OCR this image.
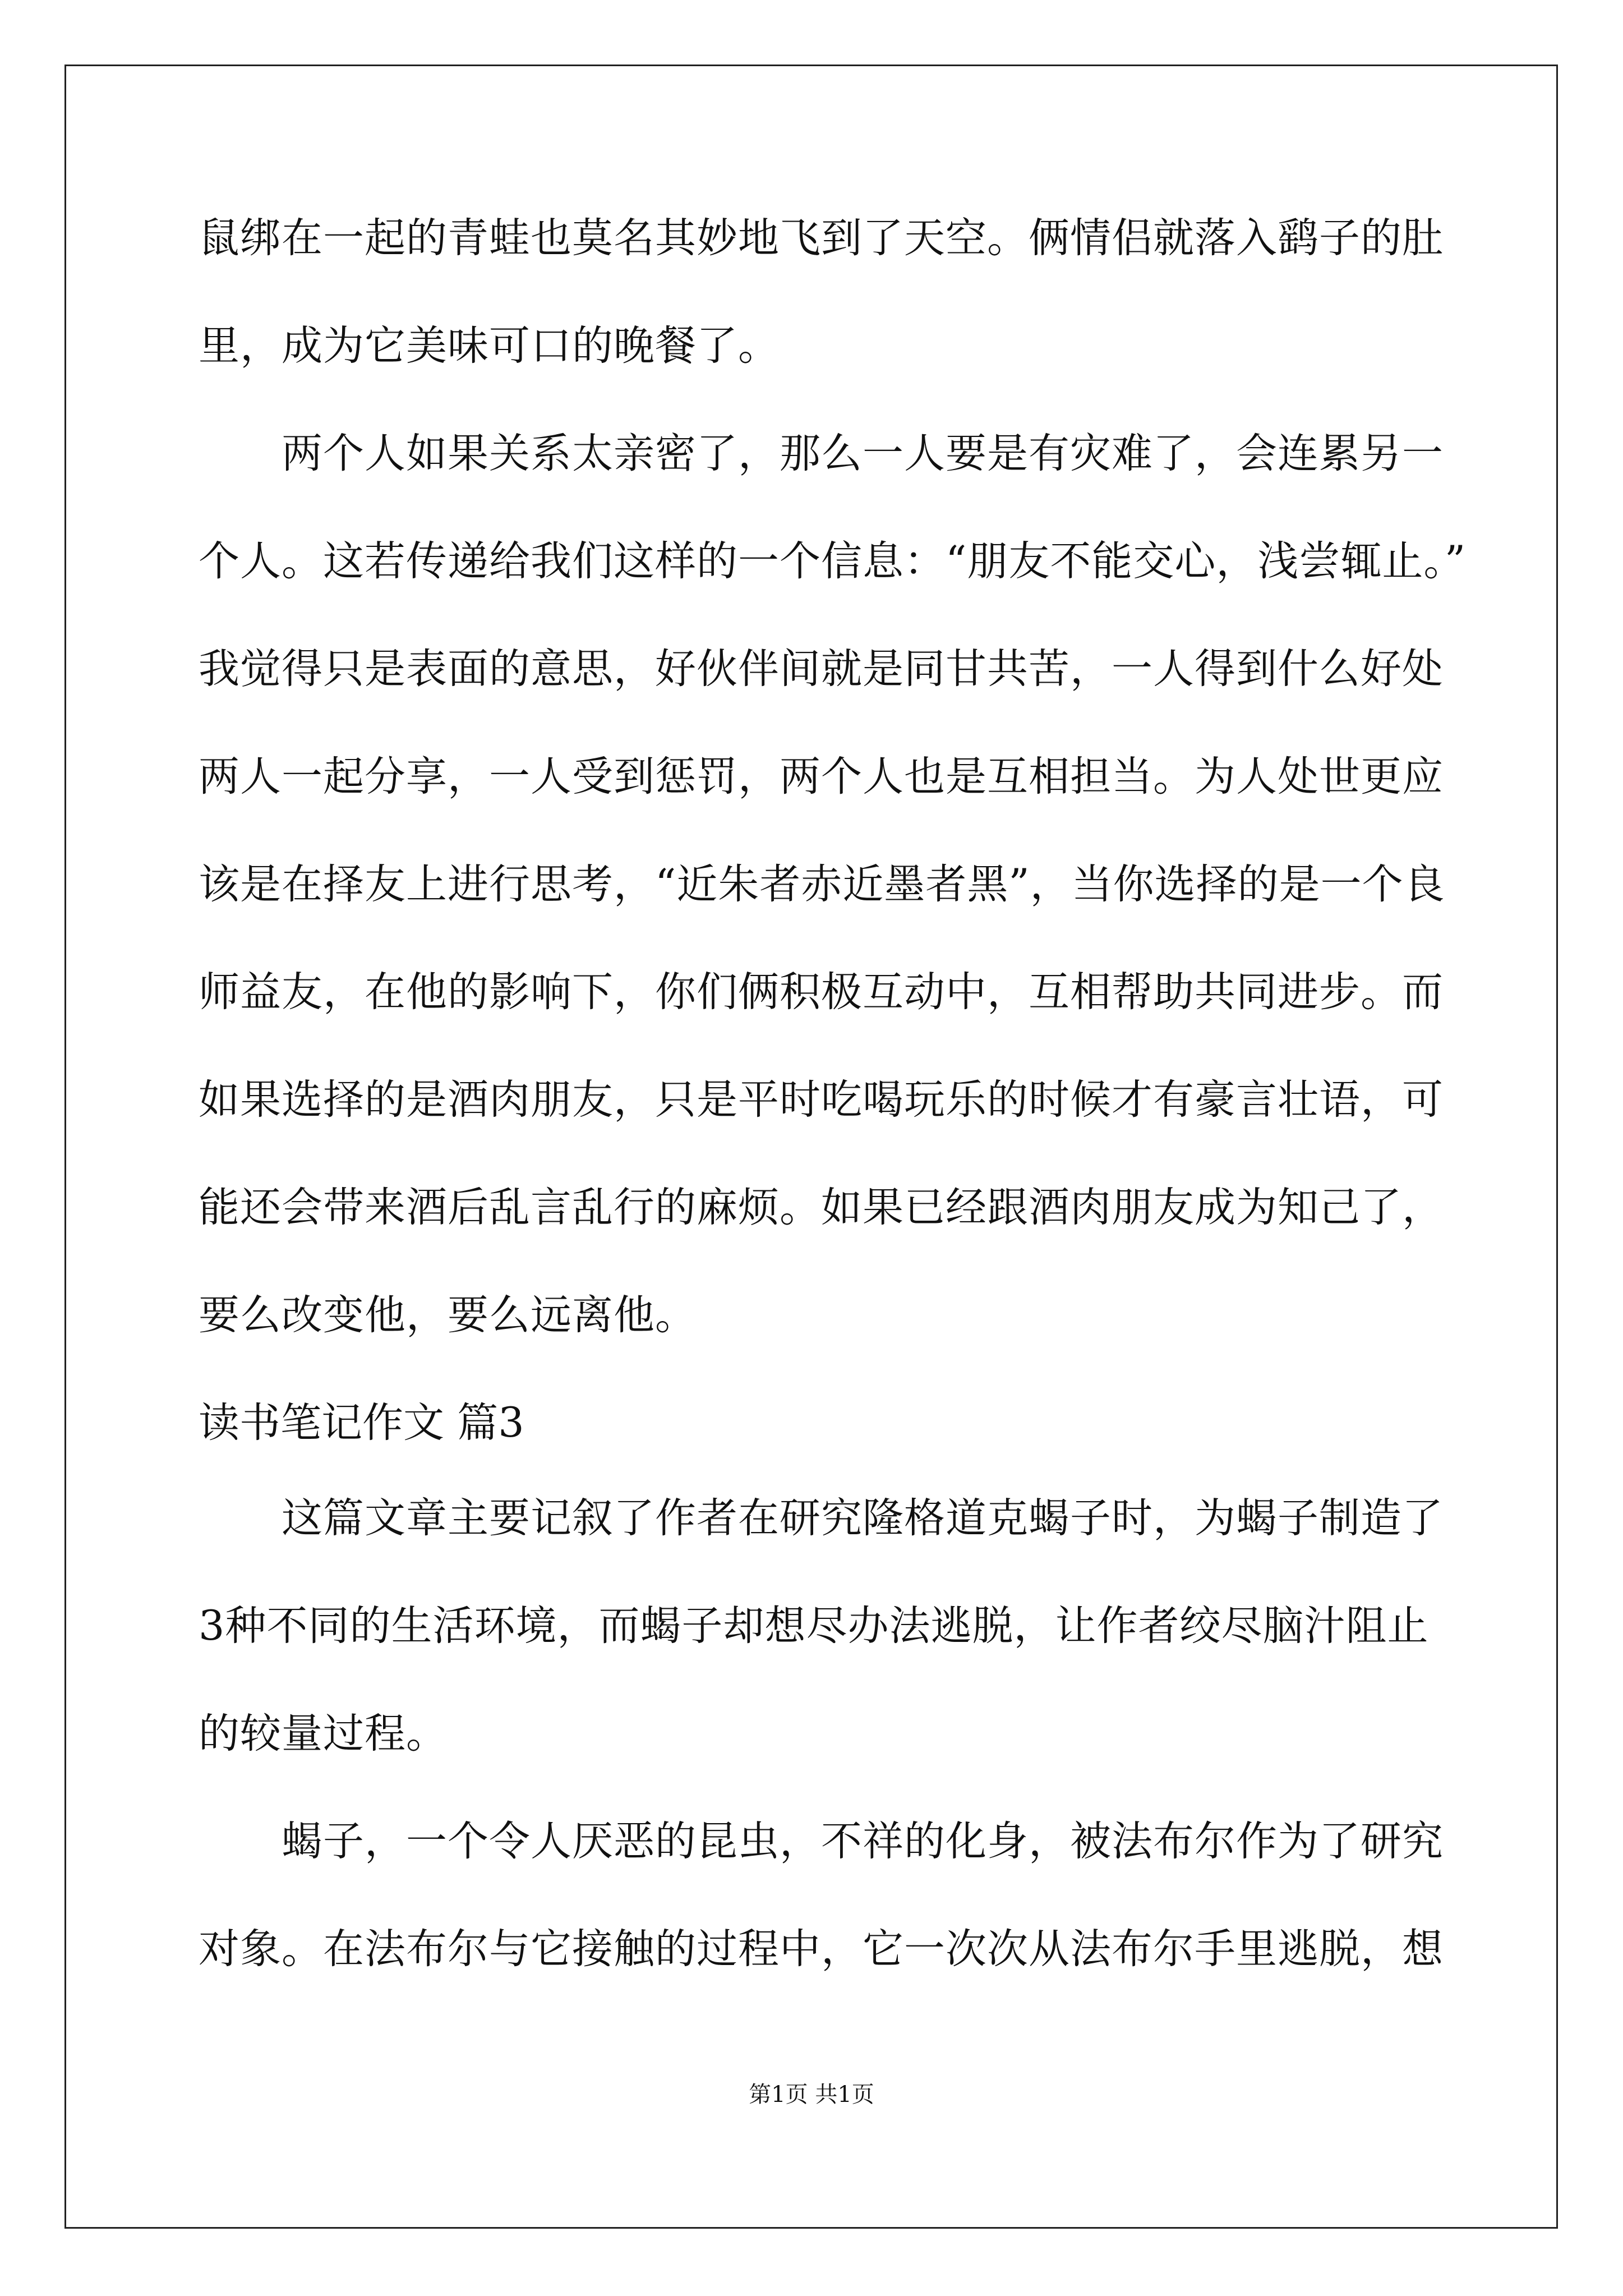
鼠绑在一起的青蛙也莫名其妙地飞到了天空。俩情侣就落入鹞子的肚
里，成为它美味可口的晚餐了。
两个人如果关系太亲密了，那么一人要是有灾难了，会连累另一
个人。这若传递给我们这样的一个信息：“朋友不能交心，浅尝辄止。”
我觉得只是表面的意思，好伙伴间就是同甘共苦，一人得到什么好处
两人一起分享，一人受到惩罚，两个人也是互相担当。为人处世更应
该是在择友上进行思考，“近朱者赤近墨者黑”，当你选择的是一个良
师益友，在他的影响下，你们俩积极互动中，互相帮助共同进步。而
如果选择的是酒肉朋友，只是平时吃喝玩乐的时候才有豪言壮语，可
能还会带来酒后乱言乱行的麻烦。如果已经跟酒肉朋友成为知己了，
要么改变他，要么远离他。
读书笔记作文 篇3
这篇文章主要记叙了作者在研究隆格道克蝎子时，为蝎子制造了
3种不同的生活环境，而蝎子却想尽办法逃脱，让作者绞尽脑汁阻止
的较量过程。
蝎子，一个令人厌恶的昆虫，不祥的化身，被法布尔作为了研究
对象。在法布尔与它接触的过程中，它一次次从法布尔手里逃脱，想
第1页 共1页
